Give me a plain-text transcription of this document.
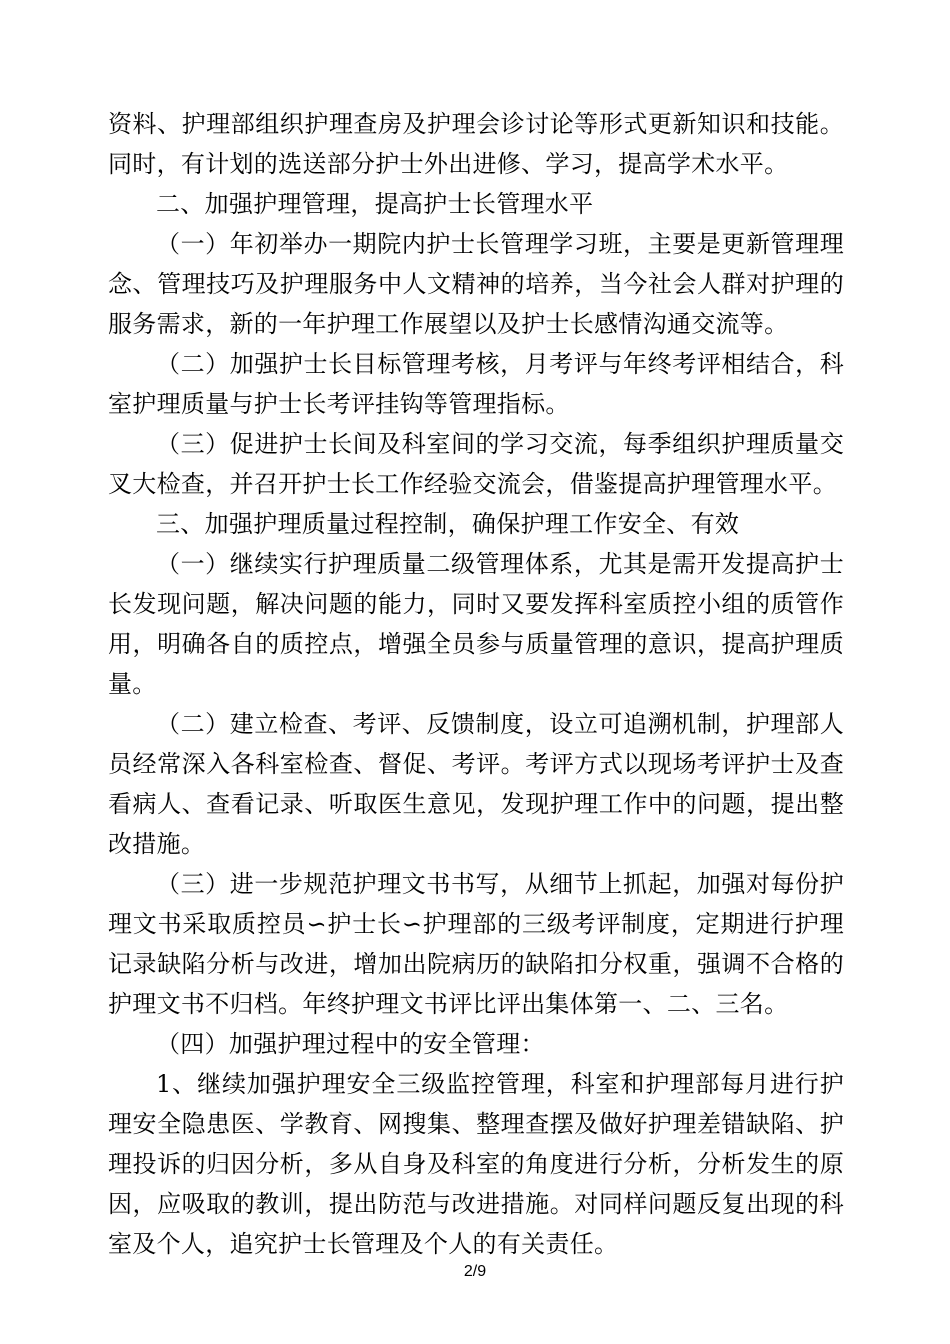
资料、护理部组织护理查房及护理会诊讨论等形式更新知识和技能。同时，有计划的选送部分护士外出进修、学习，提高学术水平。

二、加强护理管理，提高护士长管理水平

（一）年初举办一期院内护士长管理学习班，主要是更新管理理念、管理技巧及护理服务中人文精神的培养，当今社会人群对护理的服务需求，新的一年护理工作展望以及护士长感情沟通交流等。

（二）加强护士长目标管理考核，月考评与年终考评相结合，科室护理质量与护士长考评挂钩等管理指标。

（三）促进护士长间及科室间的学习交流，每季组织护理质量交叉大检查，并召开护士长工作经验交流会，借鉴提高护理管理水平。

三、加强护理质量过程控制，确保护理工作安全、有效

（一）继续实行护理质量二级管理体系，尤其是需开发提高护士长发现问题，解决问题的能力，同时又要发挥科室质控小组的质管作用，明确各自的质控点，增强全员参与质量管理的意识，提高护理质量。

（二）建立检查、考评、反馈制度，设立可追溯机制，护理部人员经常深入各科室检查、督促、考评。考评方式以现场考评护士及查看病人、查看记录、听取医生意见，发现护理工作中的问题，提出整改措施。

（三）进一步规范护理文书书写，从细节上抓起，加强对每份护理文书采取质控员∽护士长∽护理部的三级考评制度，定期进行护理记录缺陷分析与改进，增加出院病历的缺陷扣分权重，强调不合格的护理文书不归档。年终护理文书评比评出集体第一、二、三名。

（四）加强护理过程中的安全管理：

1、继续加强护理安全三级监控管理，科室和护理部每月进行护理安全隐患医、学教育、网搜集、整理查摆及做好护理差错缺陷、护理投诉的归因分析，多从自身及科室的角度进行分析，分析发生的原因，应吸取的教训，提出防范与改进措施。对同样问题反复出现的科室及个人，追究护士长管理及个人的有关责任。

2/9
